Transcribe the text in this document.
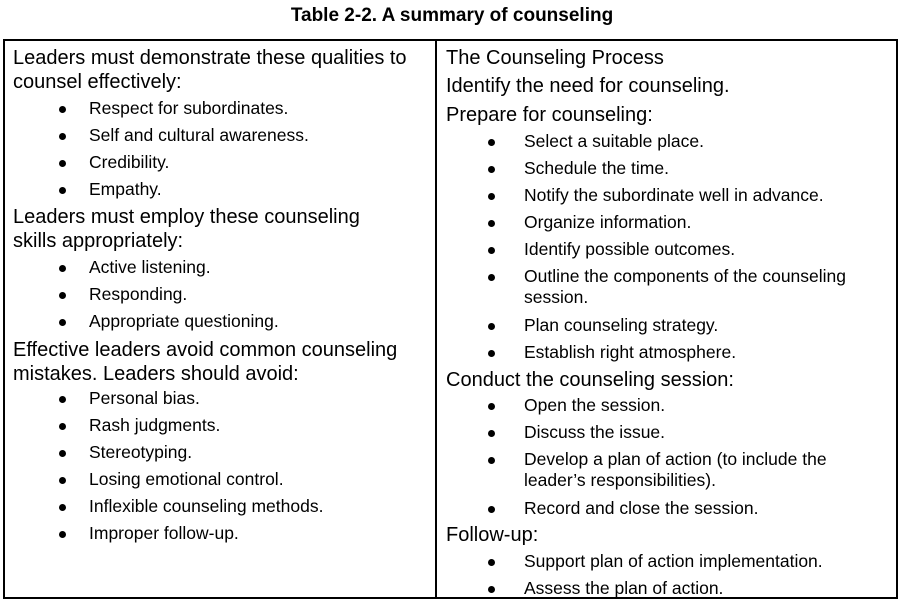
Table 2-2. A summary of counseling
Leaders must demonstrate these qualities to
counsel effectively:
Respect for subordinates.
Self and cultural awareness.
Credibility.
Empathy.
Leaders must employ these counseling
skills appropriately:
Active listening.
Responding.
Appropriate questioning.
Effective leaders avoid common counseling
mistakes. Leaders should avoid:
Personal bias.
Rash judgments.
Stereotyping.
Losing emotional control.
Inflexible counseling methods.
Improper follow-up.
The Counseling Process
Identify the need for counseling.
Prepare for counseling:
Select a suitable place.
Schedule the time.
Notify the subordinate well in advance.
Organize information.
Identify possible outcomes.
Outline the components of the counseling
session.
Plan counseling strategy.
Establish right atmosphere.
Conduct the counseling session:
Open the session.
Discuss the issue.
Develop a plan of action (to include the
leader’s responsibilities).
Record and close the session.
Follow-up:
Support plan of action implementation.
Assess the plan of action.
